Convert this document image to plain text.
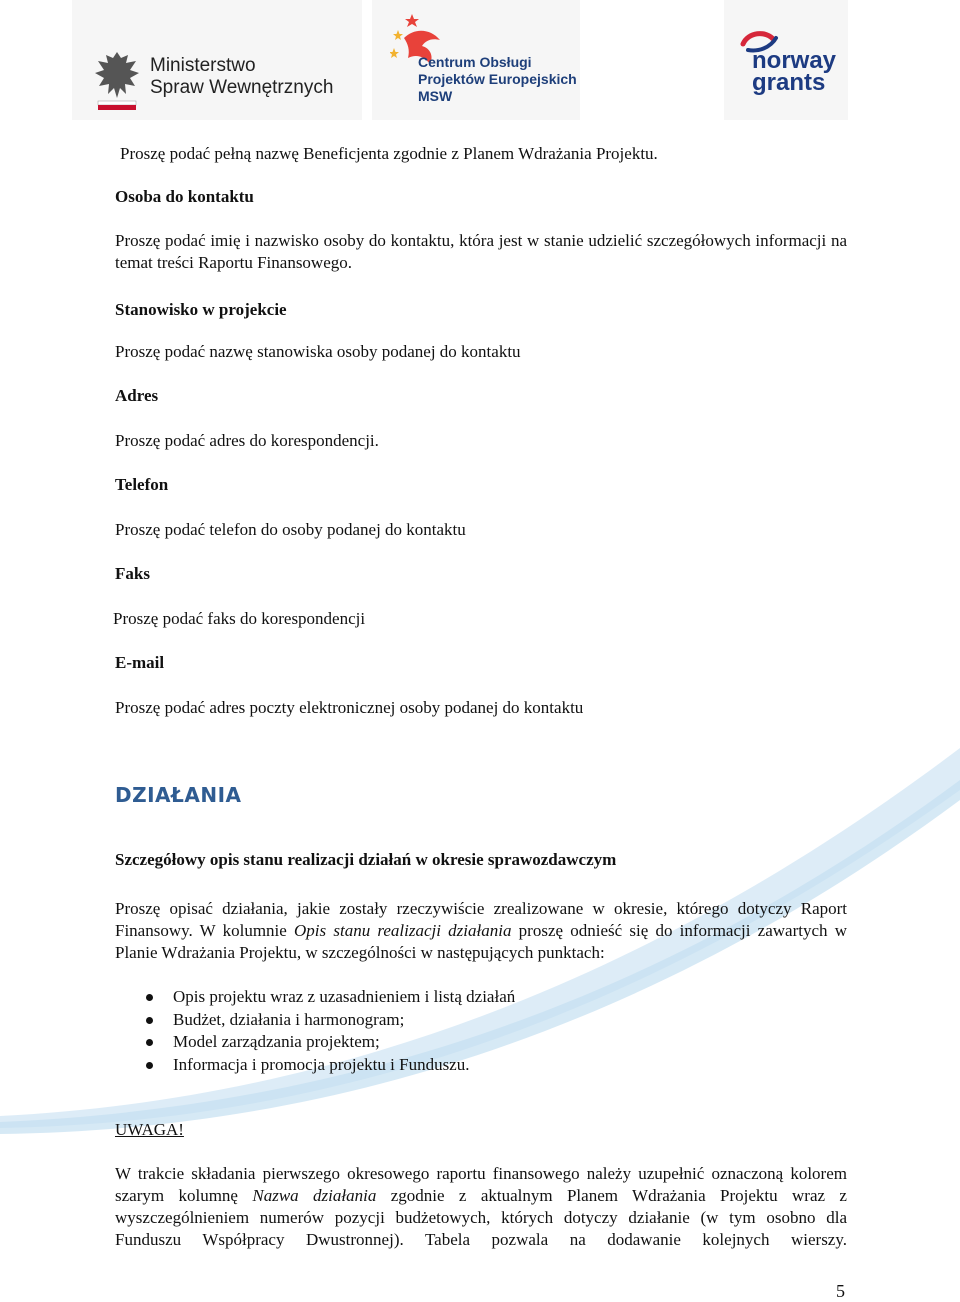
Ministerstwo
Spraw Wewnętrznych
Centrum Obsługi
Projektów Europejskich
MSW
norway
grants
Proszę podać pełną nazwę Beneficjenta zgodnie z Planem Wdrażania Projektu.
Osoba do kontaktu
Proszę podać imię i nazwisko osoby do kontaktu, która jest w stanie udzielić szczegółowych informacji na temat treści Raportu Finansowego.
Stanowisko w projekcie
Proszę podać nazwę stanowiska osoby podanej do kontaktu
Adres
Proszę podać adres do korespondencji.
Telefon
Proszę podać telefon do osoby podanej do kontaktu
Faks
Proszę podać faks do korespondencji
E-mail
Proszę podać adres poczty elektronicznej osoby podanej do kontaktu
DZIAŁANIA
Szczegółowy opis stanu realizacji działań w okresie sprawozdawczym
Proszę opisać działania, jakie zostały rzeczywiście zrealizowane w okresie, którego dotyczy Raport Finansowy. W kolumnie Opis stanu realizacji działania proszę odnieść się do informacji zawartych w Planie Wdrażania Projektu, w szczególności w następujących punktach:
Opis projektu wraz z uzasadnieniem i listą działań
Budżet, działania i harmonogram;
Model zarządzania projektem;
Informacja i promocja projektu i Funduszu.
UWAGA!
W trakcie składania pierwszego okresowego raportu finansowego należy uzupełnić oznaczoną kolorem szarym kolumnę Nazwa działania zgodnie z aktualnym Planem Wdrażania Projektu wraz z wyszczególnieniem numerów pozycji budżetowych, których dotyczy działanie (w tym osobno dla Funduszu Współpracy Dwustronnej). Tabela pozwala na dodawanie kolejnych wierszy.
5
